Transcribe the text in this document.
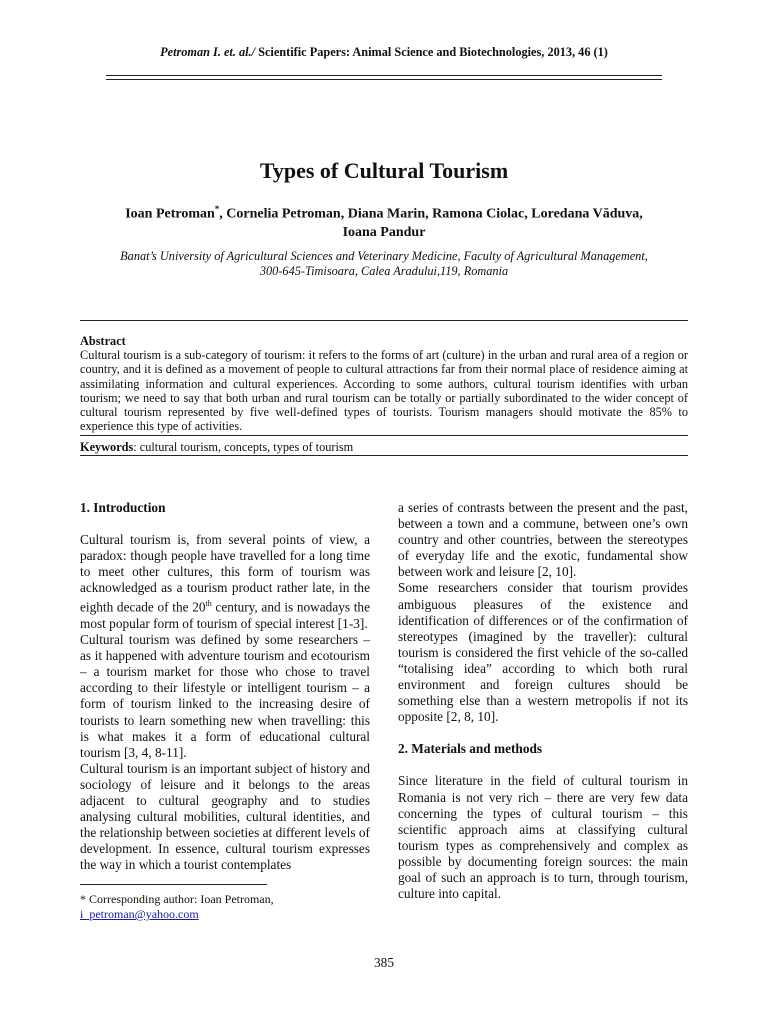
Petroman I. et. al./ Scientific Papers: Animal Science and Biotechnologies, 2013, 46 (1)
Types of Cultural Tourism
Ioan Petroman*, Cornelia Petroman, Diana Marin, Ramona Ciolac, Loredana Văduva,
Ioana Pandur
Banat’s University of Agricultural Sciences and Veterinary Medicine, Faculty of Agricultural Management,
300-645-Timisoara, Calea Aradului,119, Romania
Abstract
Cultural tourism is a sub-category of tourism: it refers to the forms of art (culture) in the urban and rural area of a region or country, and it is defined as a movement of people to cultural attractions far from their normal place of residence aiming at assimilating information and cultural experiences. According to some authors, cultural tourism identifies with urban tourism; we need to say that both urban and rural tourism can be totally or partially subordinated to the wider concept of cultural tourism represented by five well-defined types of tourists. Tourism managers should motivate the 85% to experience this type of activities.
Keywords: cultural tourism, concepts, types of tourism
1. Introduction

Cultural tourism is, from several points of view, a paradox: though people have travelled for a long time to meet other cultures, this form of tourism was acknowledged as a tourism product rather late, in the eighth decade of the 20th century, and is nowadays the most popular form of tourism of special interest [1-3].

Cultural tourism was defined by some researchers – as it happened with adventure tourism and ecotourism – a tourism market for those who chose to travel according to their lifestyle or intelligent tourism – a form of tourism linked to the increasing desire of tourists to learn something new when travelling: this is what makes it a form of educational cultural tourism [3, 4, 8-11].

Cultural tourism is an important subject of history and sociology of leisure and it belongs to the areas adjacent to cultural geography and to studies analysing cultural mobilities, cultural identities, and the relationship between societies at different levels of development. In essence, cultural tourism expresses the way in which a tourist contemplates

a series of contrasts between the present and the past, between a town and a commune, between one’s own country and other countries, between the stereotypes of everyday life and the exotic, fundamental show between work and leisure [2, 10].

Some researchers consider that tourism provides ambiguous pleasures of the existence and identification of differences or of the confirmation of stereotypes (imagined by the traveller): cultural tourism is considered the first vehicle of the so-called “totalising idea” according to which both rural environment and foreign cultures should be something else than a western metropolis if not its opposite [2, 8, 10].

2. Materials and methods

Since literature in the field of cultural tourism in Romania is not very rich – there are very few data concerning the types of cultural tourism – this scientific approach aims at classifying cultural tourism types as comprehensively and complex as possible by documenting foreign sources: the main goal of such an approach is to turn, through tourism, culture into capital.

* Corresponding author: Ioan Petroman,
i_petroman@yahoo.com
385
